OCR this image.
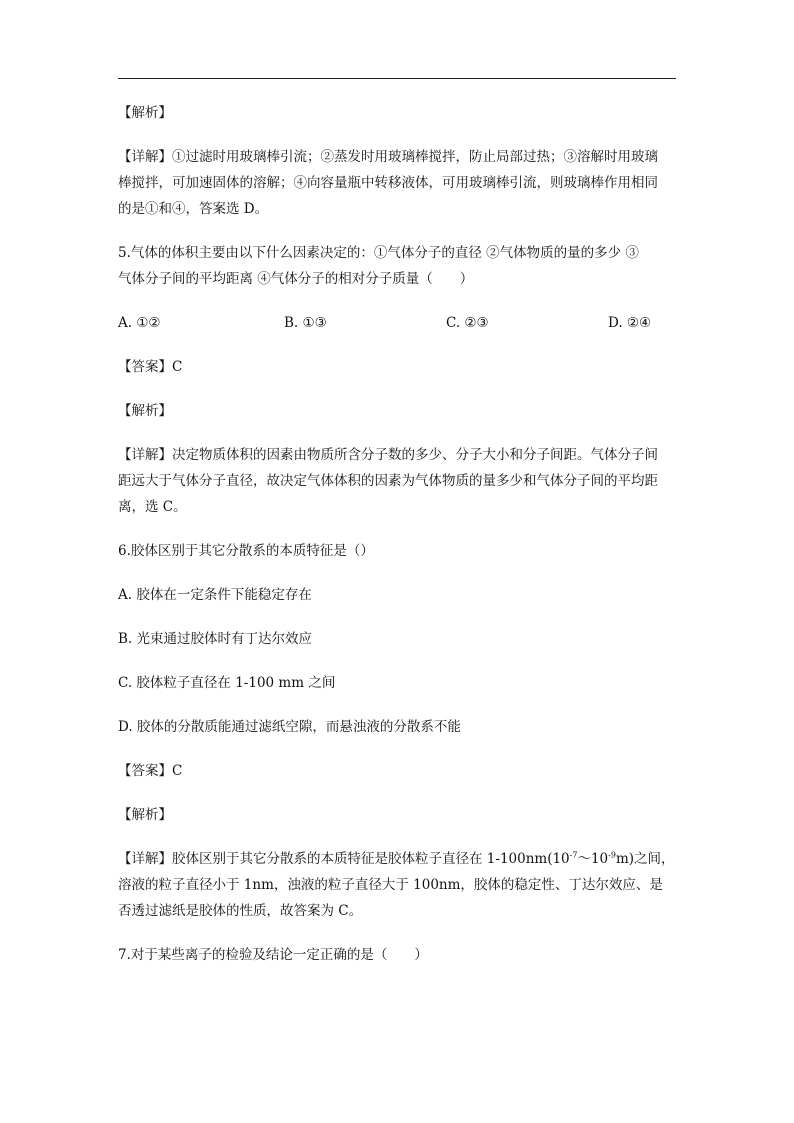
【解析】

【详解】①过滤时用玻璃棒引流；②蒸发时用玻璃棒搅拌，防止局部过热；③溶解时用玻璃

棒搅拌，可加速固体的溶解；④向容量瓶中转移液体，可用玻璃棒引流，则玻璃棒作用相同

的是①和④，答案选 D。

5.气体的体积主要由以下什么因素决定的：①气体分子的直径 ②气体物质的量的多少 ③

气体分子间的平均距离 ④气体分子的相对分子质量（　　）

A. ①②	B. ①③	C. ②③	D. ②④

【答案】C

【解析】

【详解】决定物质体积的因素由物质所含分子数的多少、分子大小和分子间距。气体分子间

距远大于气体分子直径，故决定气体体积的因素为气体物质的量多少和气体分子间的平均距

离，选 C。

6.胶体区别于其它分散系的本质特征是（）

A. 胶体在一定条件下能稳定存在

B. 光束通过胶体时有丁达尔效应

C. 胶体粒子直径在 1-100 mm 之间

D. 胶体的分散质能通过滤纸空隙，而悬浊液的分散系不能

【答案】C

【解析】

【详解】胶体区别于其它分散系的本质特征是胶体粒子直径在 $1-100nm(10^{-7}\sim 10^{-9}m)$之间，

溶液的粒子直径小于 1nm，浊液的粒子直径大于 100nm，胶体的稳定性、丁达尔效应、是

否透过滤纸是胶体的性质，故答案为 C。

7.对于某些离子的检验及结论一定正确的是（　　）
